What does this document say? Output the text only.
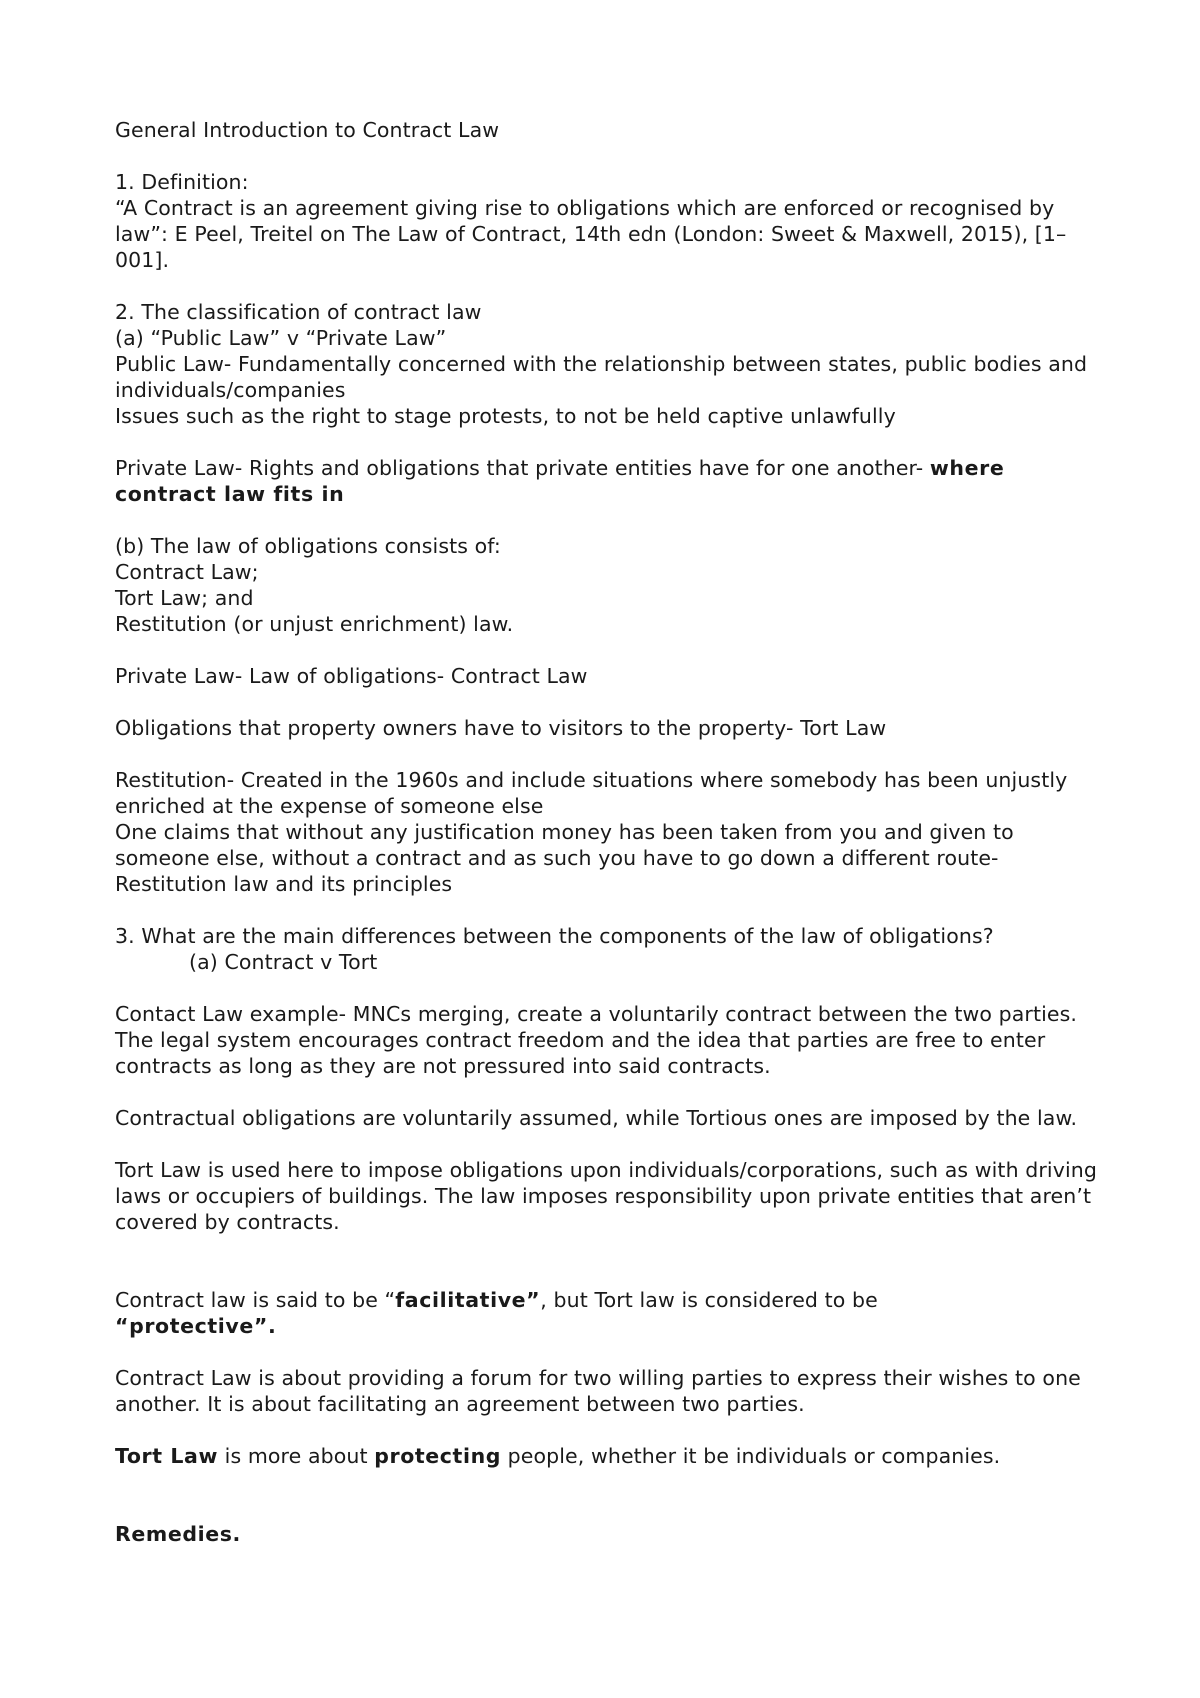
General Introduction to Contract Law

1. Definition:

“A Contract is an agreement giving rise to obligations which are enforced or recognised by law”: E Peel, Treitel on The Law of Contract, 14th edn (London: Sweet & Maxwell, 2015), [1–001].

2. The classification of contract law

(a) “Public Law” v “Private Law”

Public Law- Fundamentally concerned with the relationship between states, public bodies and individuals/companies

Issues such as the right to stage protests, to not be held captive unlawfully

Private Law- Rights and obligations that private entities have for one another- where contract law fits in

(b) The law of obligations consists of:

Contract Law;

Tort Law; and

Restitution (or unjust enrichment) law.

Private Law- Law of obligations- Contract Law

Obligations that property owners have to visitors to the property- Tort Law

Restitution- Created in the 1960s and include situations where somebody has been unjustly enriched at the expense of someone else

One claims that without any justification money has been taken from you and given to someone else, without a contract and as such you have to go down a different route- Restitution law and its principles

3. What are the main differences between the components of the law of obligations?

(a) Contract v Tort

Contact Law example- MNCs merging, create a voluntarily contract between the two parties. The legal system encourages contract freedom and the idea that parties are free to enter contracts as long as they are not pressured into said contracts.

Contractual obligations are voluntarily assumed, while Tortious ones are imposed by the law.

Tort Law is used here to impose obligations upon individuals/corporations, such as with driving laws or occupiers of buildings. The law imposes responsibility upon private entities that aren’t covered by contracts.

Contract law is said to be “facilitative”, but Tort law is considered to be
“protective”.

Contract Law is about providing a forum for two willing parties to express their wishes to one another. It is about facilitating an agreement between two parties.

Tort Law is more about protecting people, whether it be individuals or companies.

Remedies.
